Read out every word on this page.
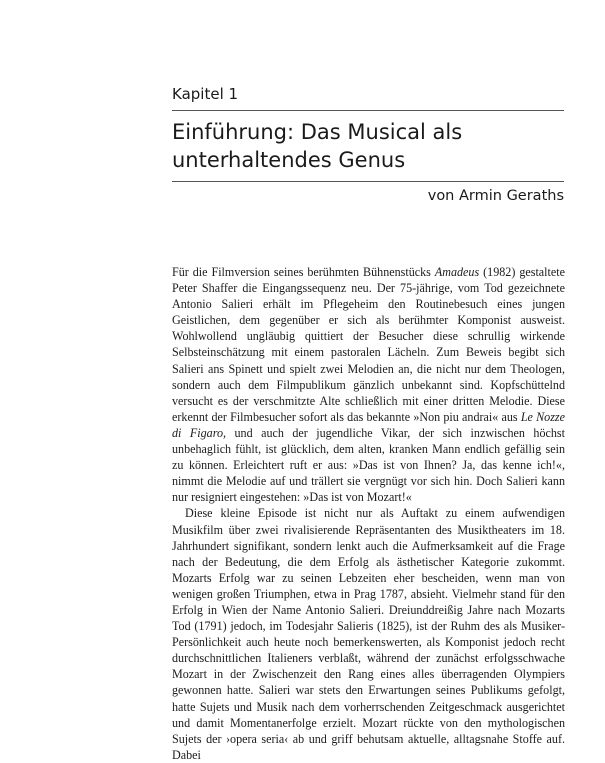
Kapitel 1
Einführung: Das Musical als
unterhaltendes Genus
von Armin Geraths

Für die Filmversion seines berühmten Bühnenstücks Amadeus (1982) gestaltete Peter Shaffer die Eingangssequenz neu. Der 75-jährige, vom Tod gezeichnete Antonio Salieri erhält im Pflegeheim den Routinebesuch eines jungen Geistlichen, dem gegenüber er sich als berühmter Komponist ausweist. Wohlwollend ungläubig quittiert der Besucher diese schrullig wirkende Selbsteinschätzung mit einem pastoralen Lächeln. Zum Beweis begibt sich Salieri ans Spinett und spielt zwei Melodien an, die nicht nur dem Theologen, sondern auch dem Filmpublikum gänzlich unbekannt sind. Kopfschüttelnd versucht es der verschmitzte Alte schließlich mit einer dritten Melodie. Diese erkennt der Filmbesucher sofort als das bekannte »Non piu andrai« aus Le Nozze di Figaro, und auch der jugendliche Vikar, der sich inzwischen höchst unbehaglich fühlt, ist glücklich, dem alten, kranken Mann endlich gefällig sein zu können. Erleichtert ruft er aus: »Das ist von Ihnen? Ja, das kenne ich!«, nimmt die Melodie auf und trällert sie vergnügt vor sich hin. Doch Salieri kann nur resigniert eingestehen: »Das ist von Mozart!«

Diese kleine Episode ist nicht nur als Auftakt zu einem aufwendigen Musikfilm über zwei rivalisierende Repräsentanten des Musiktheaters im 18. Jahrhundert signifikant, sondern lenkt auch die Aufmerksamkeit auf die Frage nach der Bedeutung, die dem Erfolg als ästhetischer Kategorie zukommt. Mozarts Erfolg war zu seinen Lebzeiten eher bescheiden, wenn man von wenigen großen Triumphen, etwa in Prag 1787, absieht. Vielmehr stand für den Erfolg in Wien der Name Antonio Salieri. Dreiunddreißig Jahre nach Mozarts Tod (1791) jedoch, im Todesjahr Salieris (1825), ist der Ruhm des als Musiker-Persönlichkeit auch heute noch bemerkenswerten, als Komponist jedoch recht durchschnittlichen Italieners verblaßt, während der zunächst erfolgsschwache Mozart in der Zwischenzeit den Rang eines alles überragenden Olympiers gewonnen hatte. Salieri war stets den Erwartungen seines Publikums gefolgt, hatte Sujets und Musik nach dem vorherrschenden Zeitgeschmack ausgerichtet und damit Momentanerfolge erzielt. Mozart rückte von den mythologischen Sujets der ›opera seria‹ ab und griff behutsam aktuelle, alltagsnahe Stoffe auf. Dabei
